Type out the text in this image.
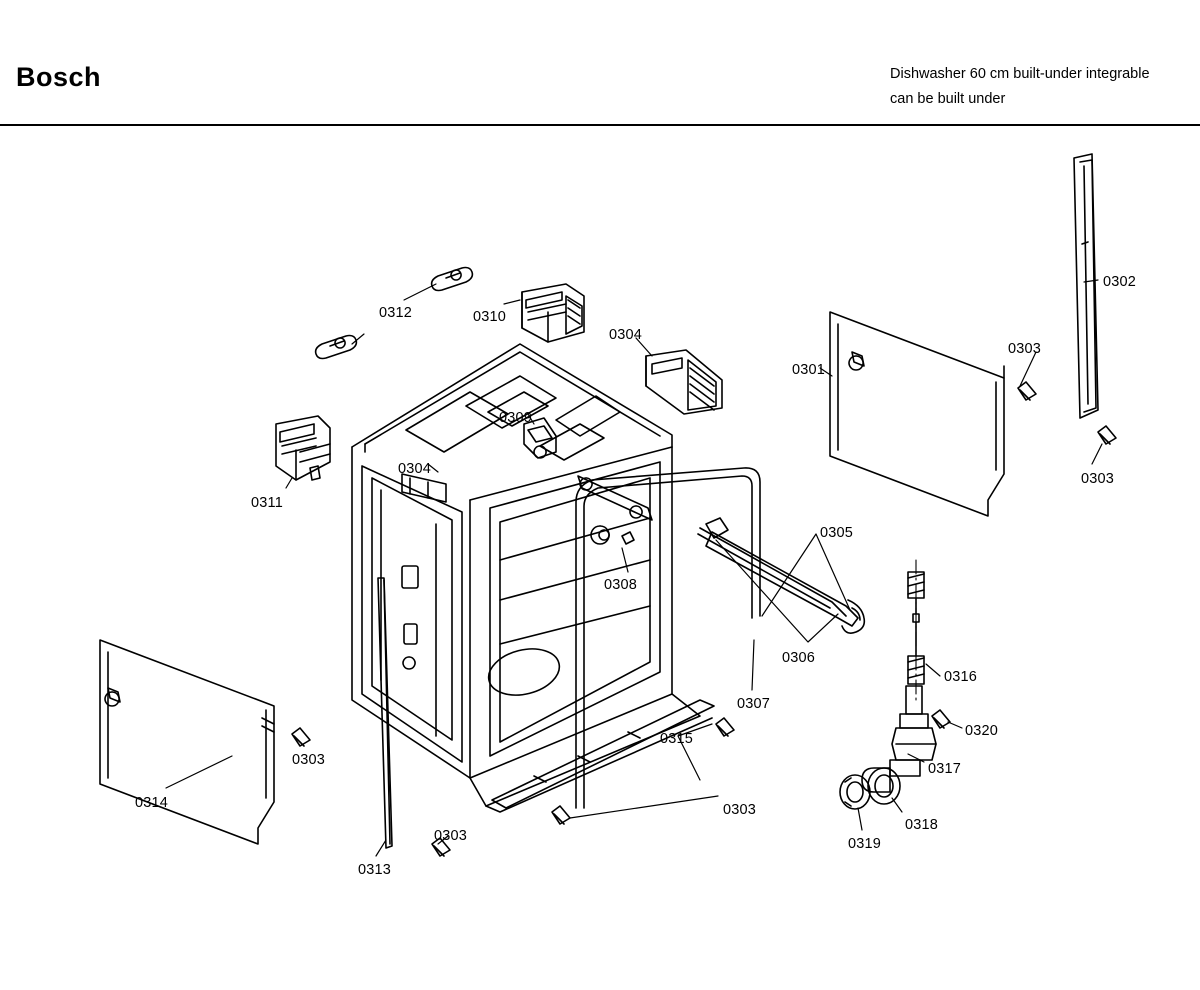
Bosch	Dishwasher 60 cm built-under integrable
can be built under
0312	0310
0304
0301
0303
0302
0303
0309
0311
0304
0305
0308
0306
0316
0307
0320
0315
0303
0317
0303
0318
0314
0319
0303
0313
